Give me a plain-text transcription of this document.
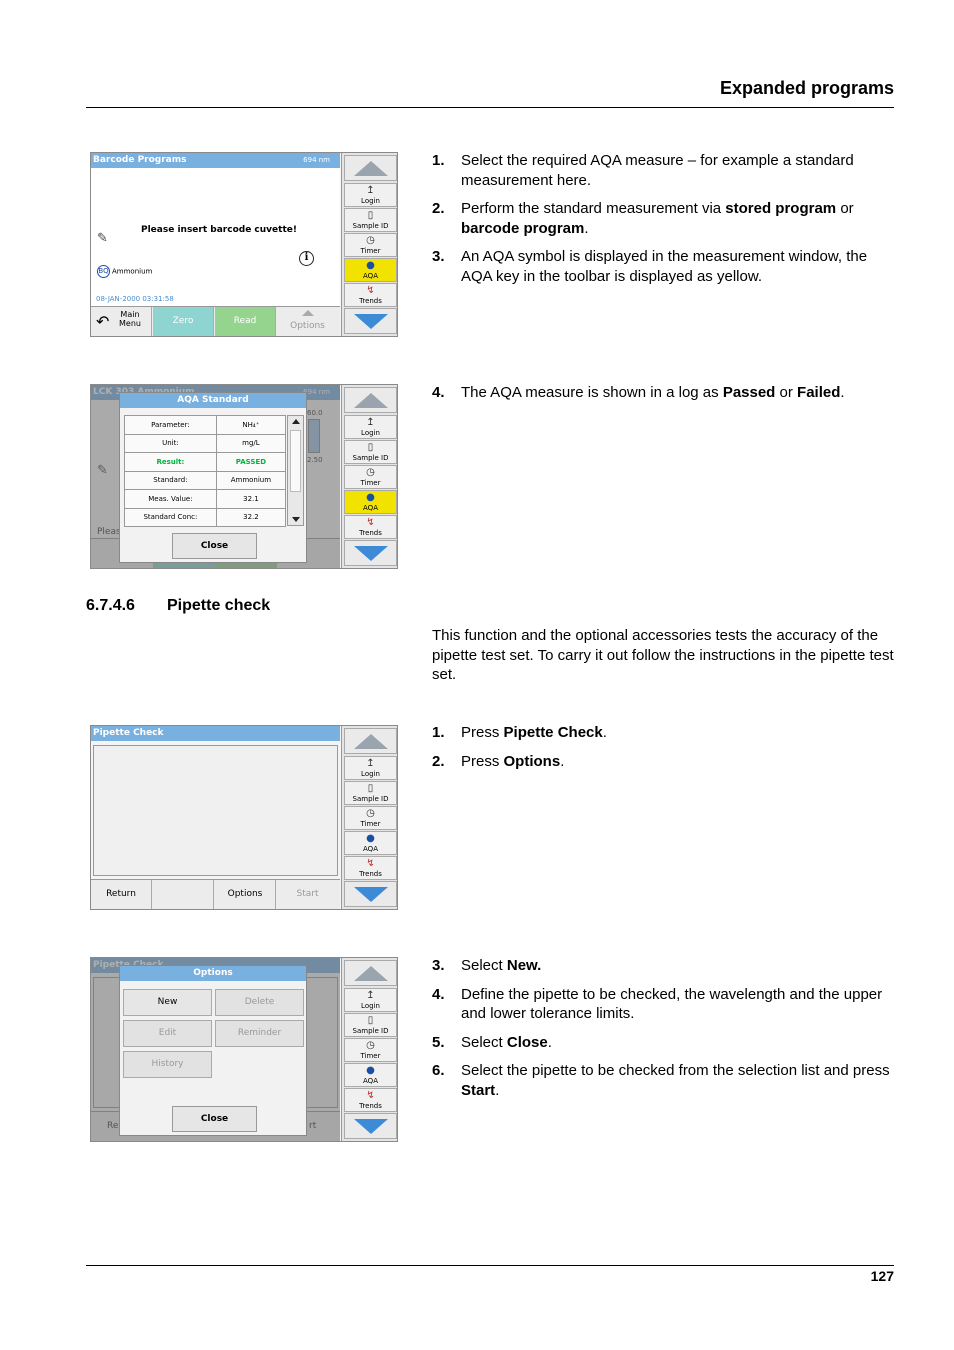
Expanded programs
127
Barcode Programs	694 nm
✎
Please insert barcode cuvette!
i
BQ Ammonium
08-JAN-2000 03:31:58
↶ Main
Menu	Zero	Read	Options
↥
Login
▯
Sample ID
◷
Timer
●
AQA
↯
Trends
1. Select the required AQA measure – for example a standard measurement here.
2. Perform the standard measurement via stored program or barcode program.
3. An AQA symbol is displayed in the measurement window, the AQA key in the toolbar is displayed as yellow.
AQA Standard
Parameter:	NH₄⁺
Unit:	mg/L
Result:	PASSED
Standard:	Ammonium
Meas. Value:	32.1
Standard Conc:	32.2
Close
↥
Login
▯
Sample ID
◷
Timer
●
AQA
↯
Trends
4. The AQA measure is shown in a log as Passed or Failed.
6.7.4.6 Pipette check
This function and the optional accessories tests the accuracy of the pipette test set. To carry it out follow the instructions in the pipette test set.
Pipette Check
Return	Options	Start
↥
Login
▯
Sample ID
◷
Timer
●
AQA
↯
Trends
1. Press Pipette Check.
2. Press Options.
Options
New	Delete
Edit	Reminder
History
Close
↥
Login
▯
Sample ID
◷
Timer
●
AQA
↯
Trends
3. Select New.
4. Define the pipette to be checked, the wavelength and the upper and lower tolerance limits.
5. Select Close.
6. Select the pipette to be checked from the selection list and press Start.
